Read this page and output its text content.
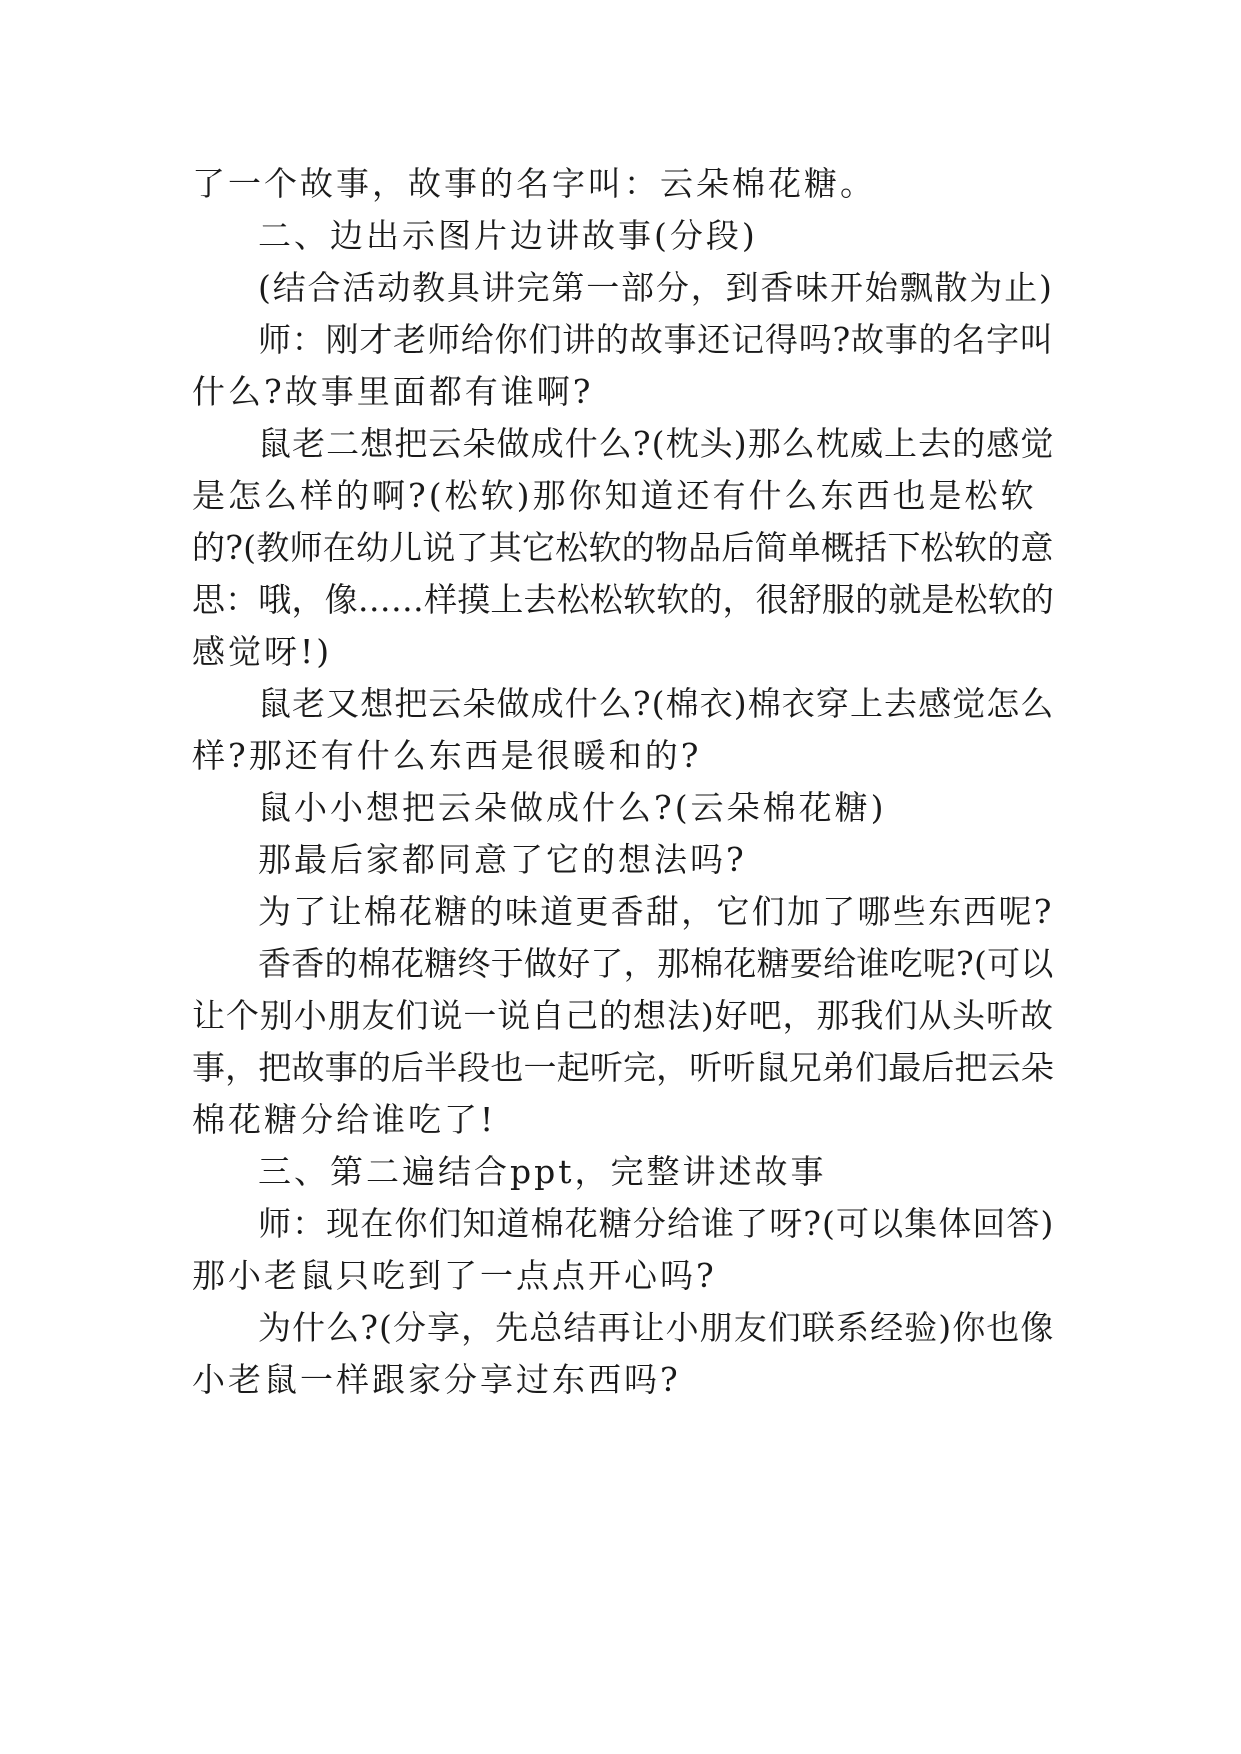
了一个故事，故事的名字叫：云朵棉花糖。
二、边出示图片边讲故事(分段)
(结合活动教具讲完第一部分，到香味开始飘散为止)
师：刚才老师给你们讲的故事还记得吗?故事的名字叫
什么?故事里面都有谁啊?
鼠老二想把云朵做成什么?(枕头)那么枕威上去的感觉
是怎么样的啊?(松软)那你知道还有什么东西也是松软
的?(教师在幼儿说了其它松软的物品后简单概括下松软的意
思：哦，像……样摸上去松松软软的，很舒服的就是松软的
感觉呀!)
鼠老又想把云朵做成什么?(棉衣)棉衣穿上去感觉怎么
样?那还有什么东西是很暖和的?
鼠小小想把云朵做成什么?(云朵棉花糖)
那最后家都同意了它的想法吗?
为了让棉花糖的味道更香甜，它们加了哪些东西呢?
香香的棉花糖终于做好了，那棉花糖要给谁吃呢?(可以
让个别小朋友们说一说自己的想法)好吧，那我们从头听故
事，把故事的后半段也一起听完，听听鼠兄弟们最后把云朵
棉花糖分给谁吃了!
三、第二遍结合ppt，完整讲述故事
师：现在你们知道棉花糖分给谁了呀?(可以集体回答)
那小老鼠只吃到了一点点开心吗?
为什么?(分享，先总结再让小朋友们联系经验)你也像
小老鼠一样跟家分享过东西吗?
